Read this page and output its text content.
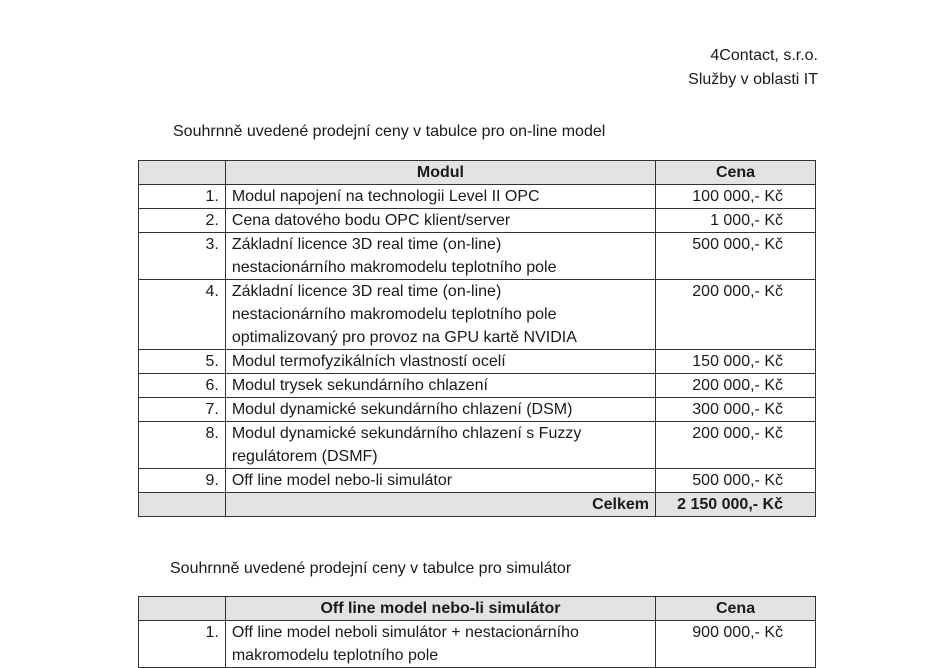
4Contact, s.r.o.
Služby v oblasti IT
Souhrnně uvedené prodejní ceny v tabulce pro on-line model
	Modul	Cena
1.	Modul napojení na technologii Level II OPC	100 000,- Kč
2.	Cena datového bodu OPC klient/server	1 000,- Kč
3.	Základní licence 3D real time (on-line)
nestacionárního makromodelu teplotního pole	500 000,- Kč
4.	Základní licence 3D real time (on-line)
nestacionárního makromodelu teplotního pole
optimalizovaný pro provoz na GPU kartě NVIDIA	200 000,- Kč
5.	Modul termofyzikálních vlastností ocelí	150 000,- Kč
6.	Modul trysek sekundárního chlazení	200 000,- Kč
7.	Modul dynamické sekundárního chlazení (DSM)	300 000,- Kč
8.	Modul dynamické sekundárního chlazení s Fuzzy
regulátorem (DSMF)	200 000,- Kč
9.	Off line model nebo-li simulátor	500 000,- Kč
	Celkem	2 150 000,- Kč
Souhrnně uvedené prodejní ceny v tabulce pro simulátor
	Off line model nebo-li simulátor	Cena
1.	Off line model neboli simulátor + nestacionárního
makromodelu teplotního pole	900 000,- Kč
